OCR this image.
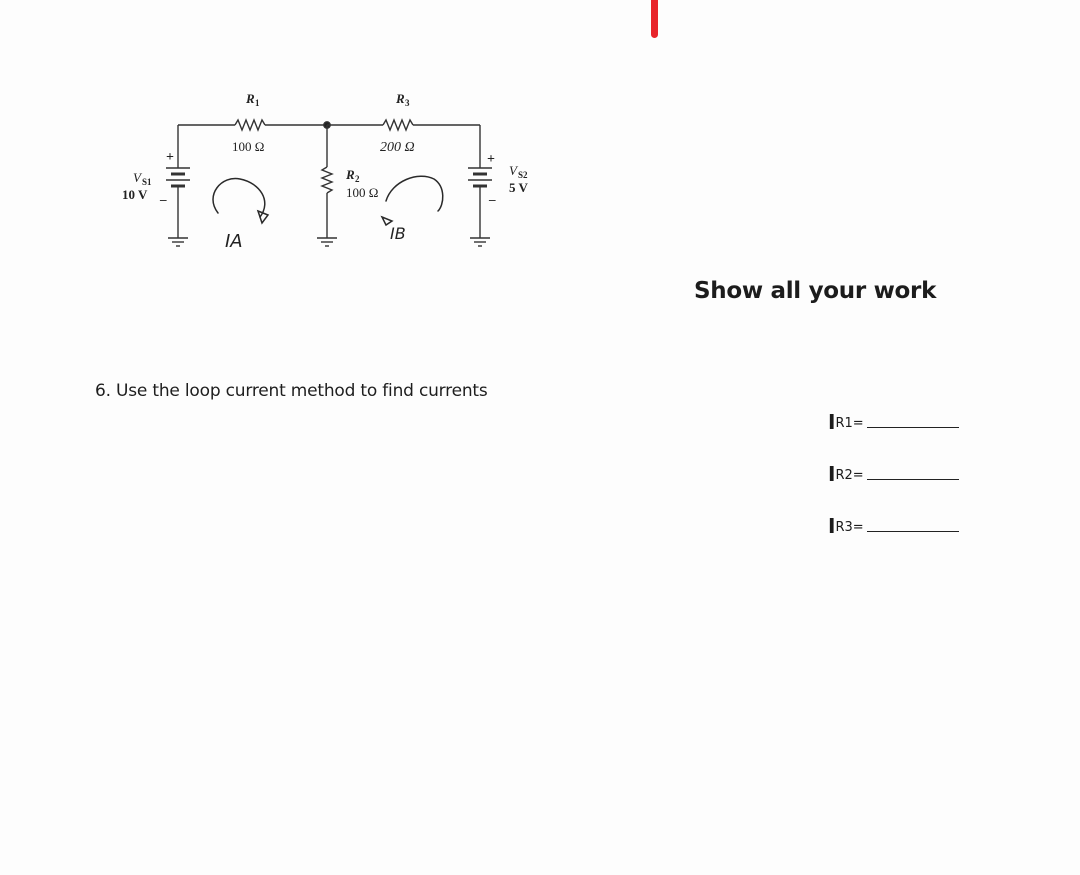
R 1
100 Ω
R 3
200 Ω
R 2
100 Ω
V S1
10 V
+
_
V S2
5 V
+
_
IA	IB
Show all your work
6. Use the loop current method to find currents
I R1=
I R2=
I R3=
